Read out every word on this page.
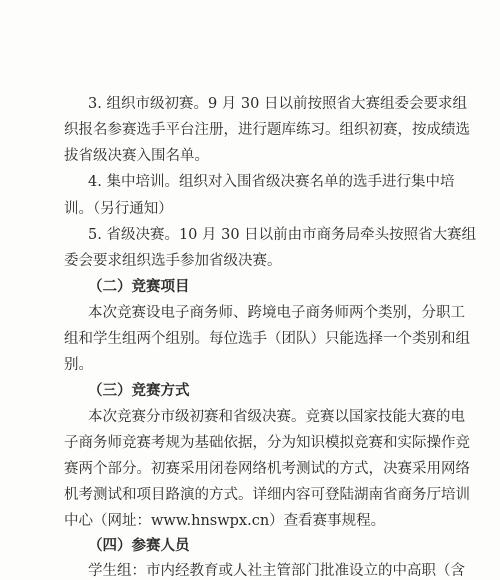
3. 组织市级初赛。9 月 30 日以前按照省大赛组委会要求组
织报名参赛选手平台注册，进行题库练习。组织初赛，按成绩选
拔省级决赛入围名单。
4. 集中培训。组织对入围省级决赛名单的选手进行集中培
训。（另行通知）
5. 省级决赛。10 月 30 日以前由市商务局牵头按照省大赛组
委会要求组织选手参加省级决赛。
（二）竞赛项目
本次竞赛设电子商务师、跨境电子商务师两个类别，分职工
组和学生组两个组别。每位选手（团队）只能选择一个类别和组
别。
（三）竞赛方式
本次竞赛分市级初赛和省级决赛。竞赛以国家技能大赛的电
子商务师竞赛考规为基础依据，分为知识模拟竞赛和实际操作竞
赛两个部分。初赛采用闭卷网络机考测试的方式，决赛采用网络
机考测试和项目路演的方式。详细内容可登陆湖南省商务厅培训
中心（网址：www.hnswpx.cn）查看赛事规程。
（四）参赛人员
学生组：市内经教育或人社主管部门批准设立的中高职（含
